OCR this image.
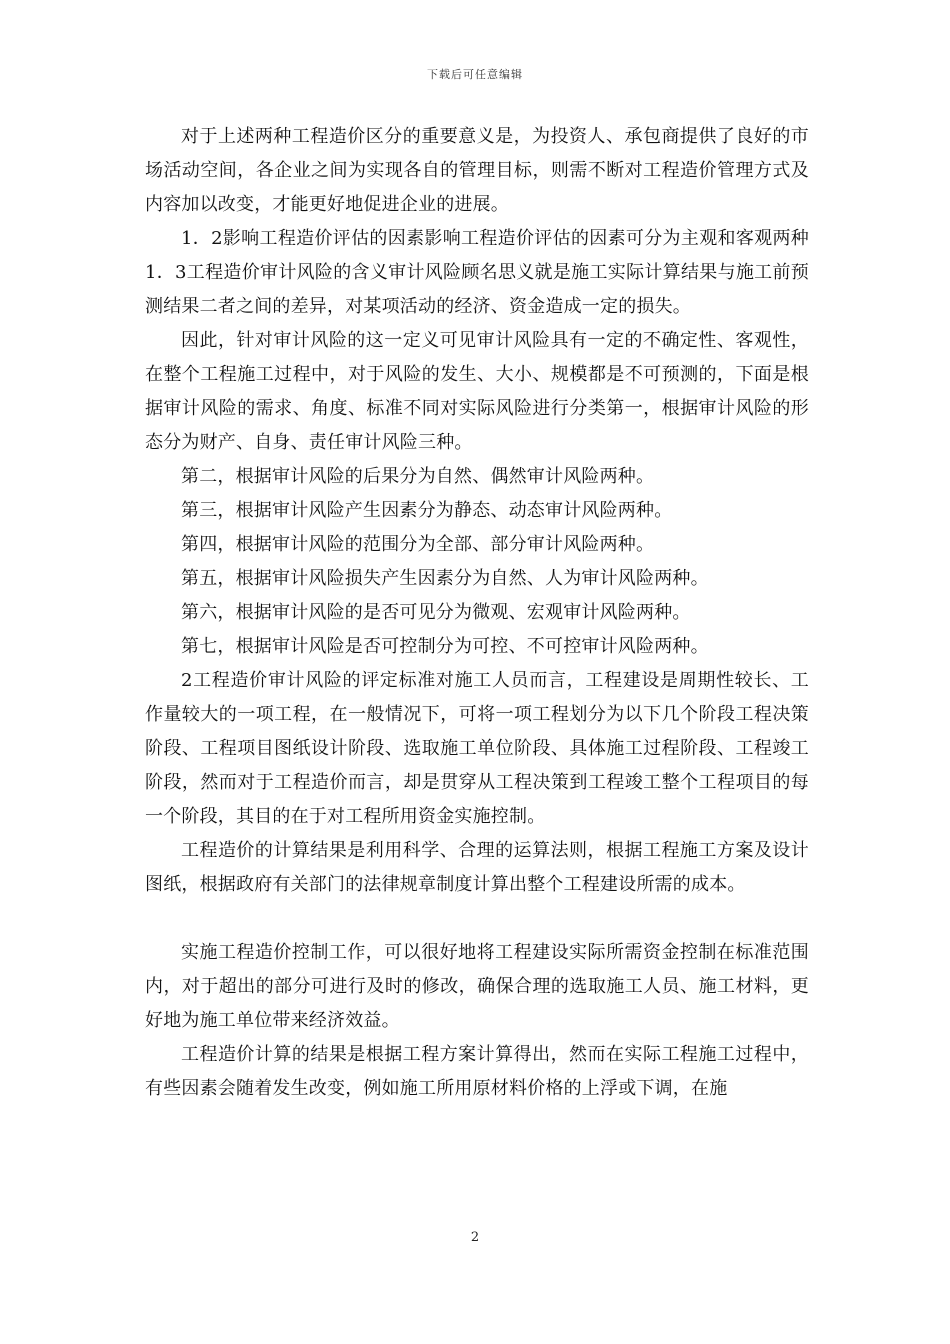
下载后可任意编辑

对于上述两种工程造价区分的重要意义是，为投资人、承包商提供了良好的市场活动空间，各企业之间为实现各自的管理目标，则需不断对工程造价管理方式及内容加以改变，才能更好地促进企业的进展。

1．2影响工程造价评估的因素影响工程造价评估的因素可分为主观和客观两种 1．3工程造价审计风险的含义审计风险顾名思义就是施工实际计算结果与施工前预测结果二者之间的差异，对某项活动的经济、资金造成一定的损失。

因此，针对审计风险的这一定义可见审计风险具有一定的不确定性、客观性，在整个工程施工过程中，对于风险的发生、大小、规模都是不可预测的，下面是根据审计风险的需求、角度、标准不同对实际风险进行分类第一，根据审计风险的形态分为财产、自身、责任审计风险三种。

第二，根据审计风险的后果分为自然、偶然审计风险两种。

第三，根据审计风险产生因素分为静态、动态审计风险两种。

第四，根据审计风险的范围分为全部、部分审计风险两种。

第五，根据审计风险损失产生因素分为自然、人为审计风险两种。

第六，根据审计风险的是否可见分为微观、宏观审计风险两种。

第七，根据审计风险是否可控制分为可控、不可控审计风险两种。

2工程造价审计风险的评定标准对施工人员而言，工程建设是周期性较长、工作量较大的一项工程，在一般情况下，可将一项工程划分为以下几个阶段工程决策阶段、工程项目图纸设计阶段、选取施工单位阶段、具体施工过程阶段、工程竣工阶段，然而对于工程造价而言，却是贯穿从工程决策到工程竣工整个工程项目的每一个阶段，其目的在于对工程所用资金实施控制。

工程造价的计算结果是利用科学、合理的运算法则，根据工程施工方案及设计图纸，根据政府有关部门的法律规章制度计算出整个工程建设所需的成本。

实施工程造价控制工作，可以很好地将工程建设实际所需资金控制在标准范围内，对于超出的部分可进行及时的修改，确保合理的选取施工人员、施工材料，更好地为施工单位带来经济效益。

工程造价计算的结果是根据工程方案计算得出，然而在实际工程施工过程中，有些因素会随着发生改变，例如施工所用原材料价格的上浮或下调，在施

2
